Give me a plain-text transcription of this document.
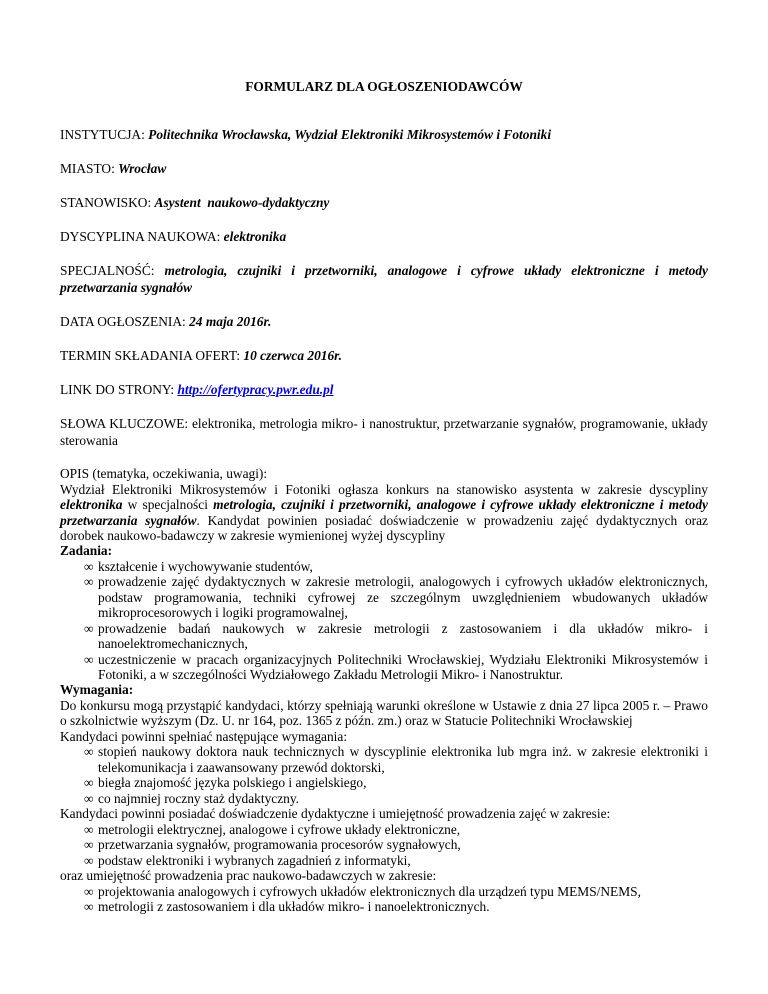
FORMULARZ DLA OGŁOSZENIODAWCÓW
INSTYTUCJA: Politechnika Wrocławska, Wydział Elektroniki Mikrosystemów i Fotoniki
MIASTO: Wrocław
STANOWISKO: Asystent  naukowo-dydaktyczny
DYSCYPLINA NAUKOWA: elektronika
SPECJALNOŚĆ: metrologia, czujniki i przetworniki, analogowe i cyfrowe układy elektroniczne i metody przetwarzania sygnałów
DATA OGŁOSZENIA: 24 maja 2016r.
TERMIN SKŁADANIA OFERT: 10 czerwca 2016r.
LINK DO STRONY: http://ofertypracy.pwr.edu.pl
SŁOWA KLUCZOWE: elektronika, metrologia mikro- i nanostruktur, przetwarzanie sygnałów, programowanie, układy sterowania
OPIS (tematyka, oczekiwania, uwagi):
Wydział Elektroniki Mikrosystemów i Fotoniki ogłasza konkurs na stanowisko asystenta w zakresie dyscypliny elektronika w specjalności metrologia, czujniki i przetworniki, analogowe i cyfrowe układy elektroniczne i metody przetwarzania sygnałów. Kandydat powinien posiadać doświadczenie w prowadzeniu zajęć dydaktycznych oraz dorobek naukowo-badawczy w zakresie wymienionej wyżej dyscypliny
Zadania:
∞ kształcenie i wychowywanie studentów,
∞ prowadzenie zajęć dydaktycznych w zakresie metrologii, analogowych i cyfrowych układów elektronicznych, podstaw programowania, techniki cyfrowej ze szczególnym uwzględnieniem wbudowanych układów mikroprocesorowych i logiki programowalnej,
∞ prowadzenie badań naukowych w zakresie metrologii z zastosowaniem i dla układów mikro- i nanoelektromechanicznych,
∞ uczestniczenie w pracach organizacyjnych Politechniki Wrocławskiej, Wydziału Elektroniki Mikrosystemów i Fotoniki, a w szczególności Wydziałowego Zakładu Metrologii Mikro- i Nanostruktur.
Wymagania:
Do konkursu mogą przystąpić kandydaci, którzy spełniają warunki określone w Ustawie z dnia 27 lipca 2005 r. – Prawo o szkolnictwie wyższym (Dz. U. nr 164, poz. 1365 z późn. zm.) oraz w Statucie Politechniki Wrocławskiej
Kandydaci powinni spełniać następujące wymagania:
∞ stopień naukowy doktora nauk technicznych w dyscyplinie elektronika lub mgra inż. w zakresie elektroniki i telekomunikacja i zaawansowany przewód doktorski,
∞ biegła znajomość języka polskiego i angielskiego,
∞ co najmniej roczny staż dydaktyczny.
Kandydaci powinni posiadać doświadczenie dydaktyczne i umiejętność prowadzenia zajęć w zakresie:
∞ metrologii elektrycznej, analogowe i cyfrowe układy elektroniczne,
∞ przetwarzania sygnałów, programowania procesorów sygnałowych,
∞ podstaw elektroniki i wybranych zagadnień z informatyki,
oraz umiejętność prowadzenia prac naukowo-badawczych w zakresie:
∞ projektowania analogowych i cyfrowych układów elektronicznych dla urządzeń typu MEMS/NEMS,
∞ metrologii z zastosowaniem i dla układów mikro- i nanoelektronicznych.
